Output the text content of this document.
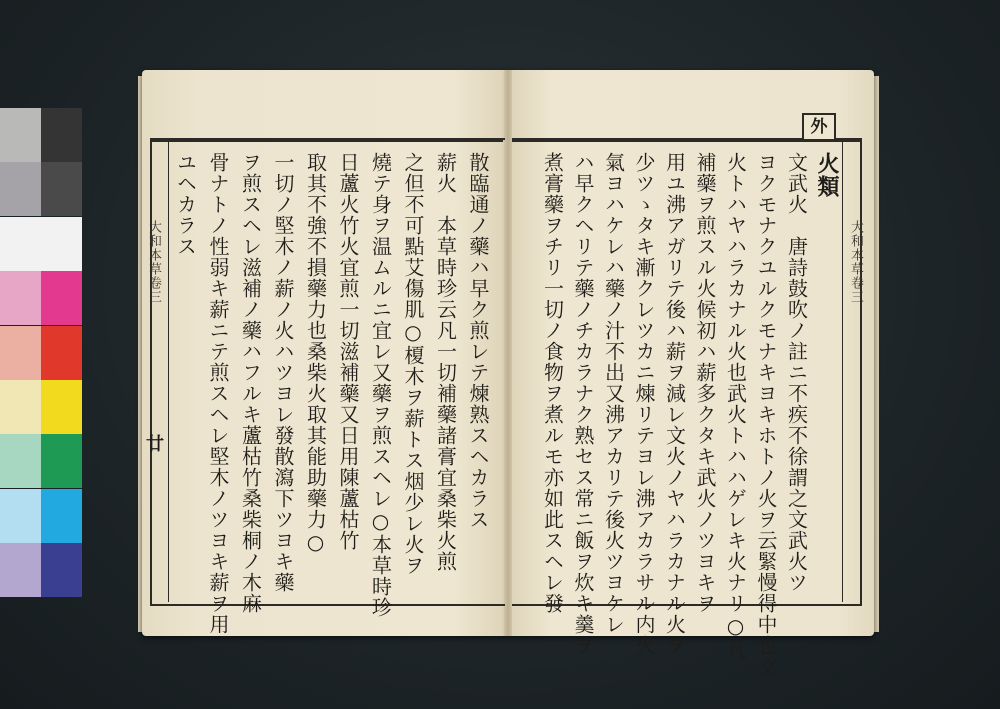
大和本草卷三
廿
大和本草卷三
外
散臨通ノ藥ハ早ク煎レテ煉熟スヘカラス
薪火　本草時珍云凡一切補藥諸膏宜桑柴火煎
之但不可點艾傷肌○榎木ヲ薪トス烟少レ火ヲ
燒テ身ヲ温ムルニ宜レ又藥ヲ煎スヘレ○本草時珍
日蘆火竹火宜煎一切滋補藥又日用陳蘆枯竹
取其不強不損藥力也桑柴火取其能助藥力○
一切ノ堅木ノ薪ノ火ハツヨレ發散瀉下ツヨキ藥
ヲ煎スヘレ滋補ノ藥ハフルキ蘆枯竹桑柴桐ノ木麻
骨ナトノ性弱キ薪ニテ煎スヘレ堅木ノツヨキ薪ヲ用
ユヘカラス	火類
文武火　唐詩鼓吹ノ註ニ不疾不徐謂之文武火ツ
ヨクモナクユルクモナキヨキホトノ火ヲ云緊慢得中也文
火トハヤハラカナル火也武火トハハゲレキ火ナリ○凡
補藥ヲ煎スル火候初ハ薪多クタキ武火ノツヨキヲ
用ユ沸アガリテ後ハ薪ヲ減レ文火ノヤハラカナル火ヲ
少ツゝタキ漸クレツカニ煉リテヨレ沸アカラサル内火
氣ヨハケレハ藥ノ汁不出又沸アカリテ後火ツヨケレ
ハ早クヘリテ藥ノチカラナク熟セス常ニ飯ヲ炊キ羹ヲ
煮膏藥ヲチリ一切ノ食物ヲ煮ルモ亦如此スヘレ發
